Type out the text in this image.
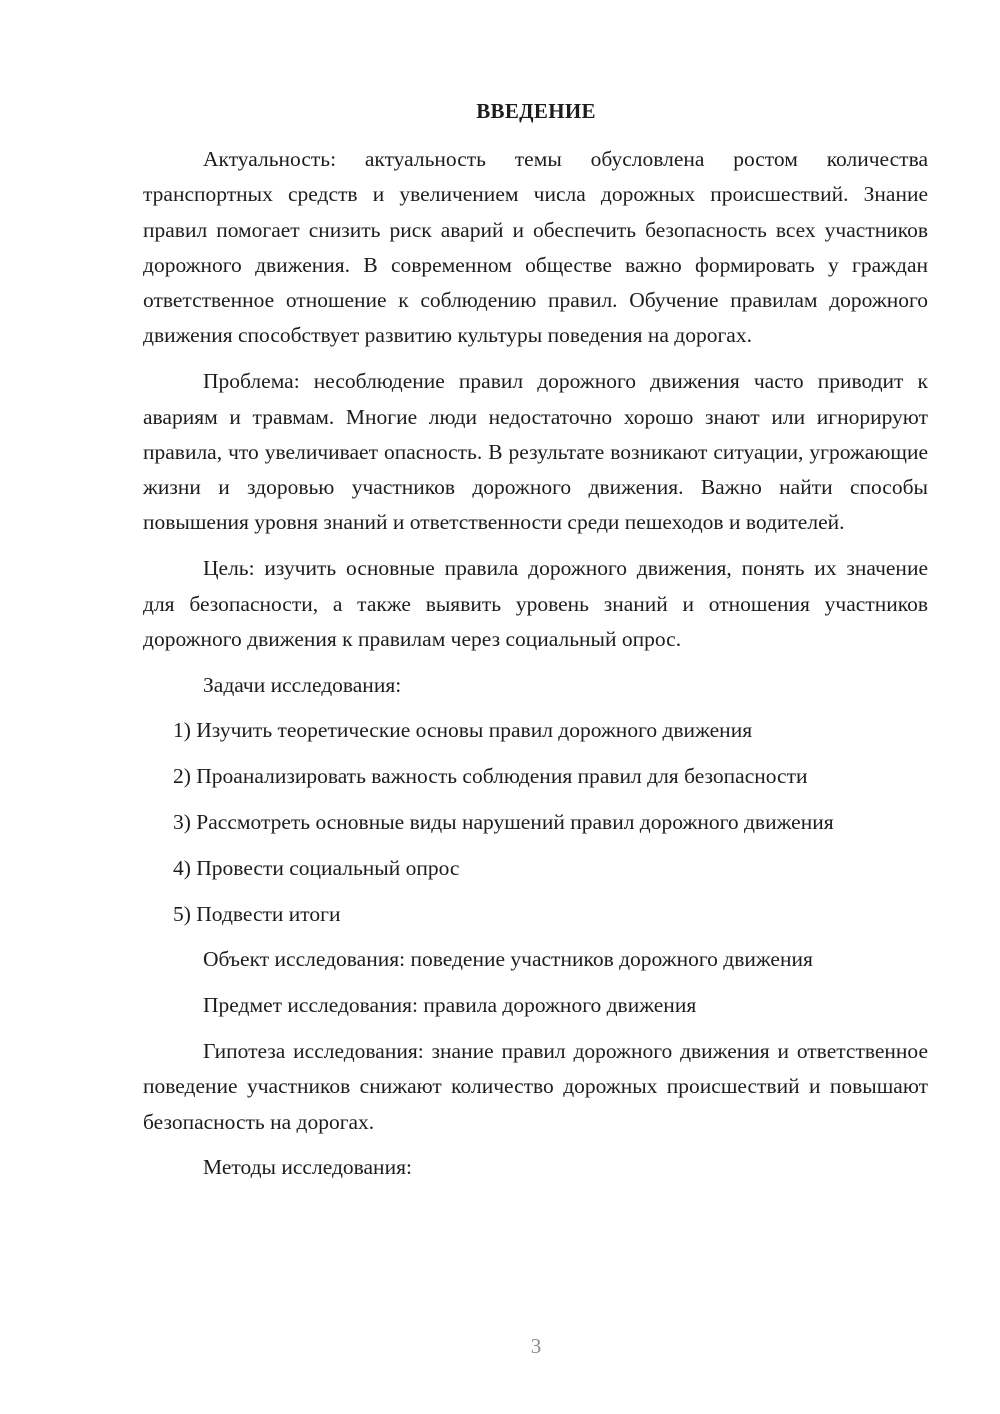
ВВЕДЕНИЕ

Актуальность: актуальность темы обусловлена ростом количества транспортных средств и увеличением числа дорожных происшествий. Знание правил помогает снизить риск аварий и обеспечить безопасность всех участников дорожного движения. В современном обществе важно формировать у граждан ответственное отношение к соблюдению правил. Обучение правилам дорожного движения способствует развитию культуры поведения на дорогах.

Проблема: несоблюдение правил дорожного движения часто приводит к авариям и травмам. Многие люди недостаточно хорошо знают или игнорируют правила, что увеличивает опасность. В результате возникают ситуации, угрожающие жизни и здоровью участников дорожного движения. Важно найти способы повышения уровня знаний и ответственности среди пешеходов и водителей.

Цель: изучить основные правила дорожного движения, понять их значение для безопасности, а также выявить уровень знаний и отношения участников дорожного движения к правилам через социальный опрос.

Задачи исследования:

1) Изучить теоретические основы правил дорожного движения

2) Проанализировать важность соблюдения правил для безопасности

3) Рассмотреть основные виды нарушений правил дорожного движения

4) Провести социальный опрос

5) Подвести итоги

Объект исследования: поведение участников дорожного движения

Предмет исследования: правила дорожного движения

Гипотеза исследования: знание правил дорожного движения и ответственное поведение участников снижают количество дорожных происшествий и повышают безопасность на дорогах.

Методы исследования:

3
